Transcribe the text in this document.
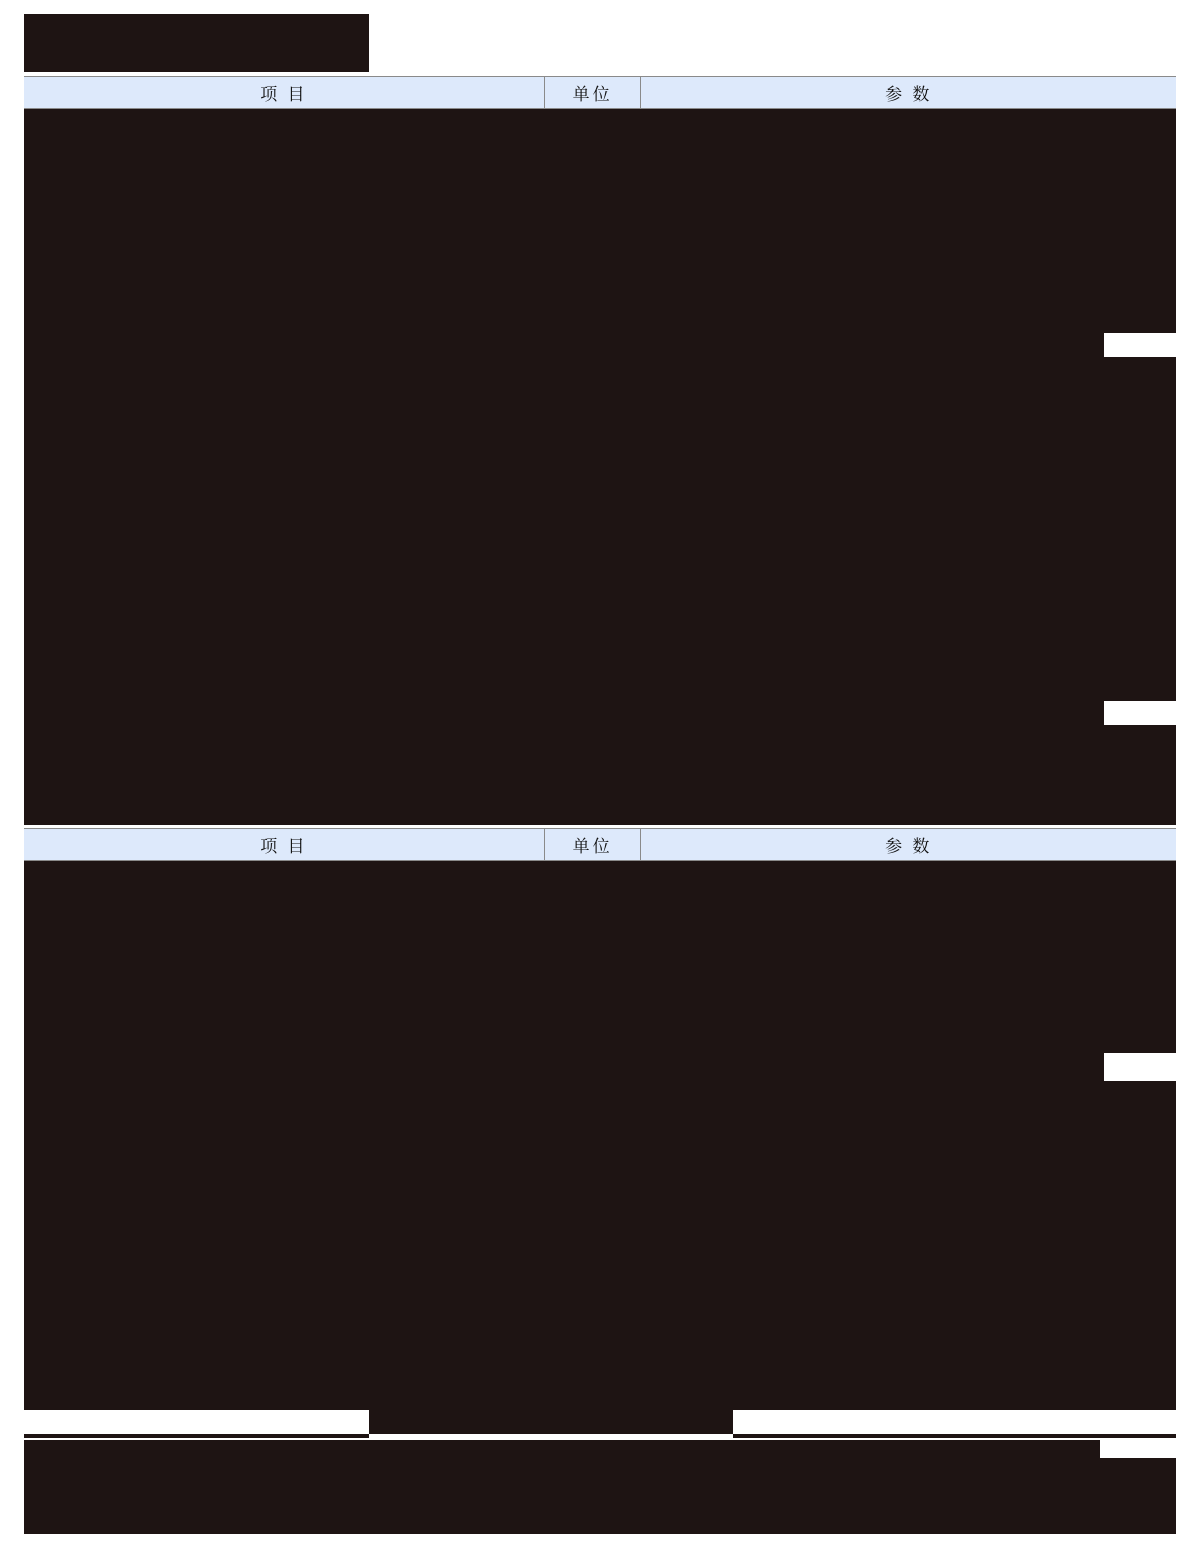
项 目	单位	参 数
项 目	单位	参 数
